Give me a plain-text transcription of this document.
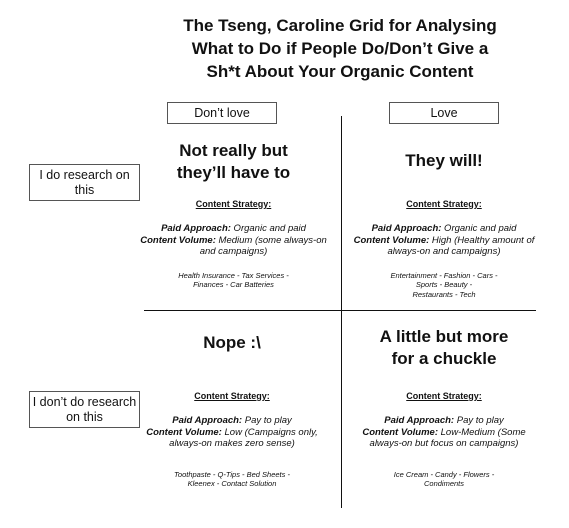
The Tseng, Caroline Grid for Analysing
What to Do if People Do/Don’t Give a
Sh*t About Your Organic Content
Don’t love	Love
I do research on this
I don’t do research on this
Not really but
they’ll have to
Content Strategy:
Paid Approach: Organic and paid
Content Volume: Medium (some always-on and campaigns)
Health Insurance - Tax Services -
Finances - Car Batteries
They will!
Content Strategy:
Paid Approach: Organic and paid
Content Volume: High (Healthy amount of always-on and campaigns)
Entertainment - Fashion - Cars -
Sports - Beauty -
Restaurants - Tech
Nope :\
Content Strategy:
Paid Approach: Pay to play
Content Volume: Low (Campaigns only, always-on makes zero sense)
Toothpaste - Q-Tips - Bed Sheets -
Kleenex - Contact Solution
A little but more
for a chuckle
Content Strategy:
Paid Approach: Pay to play
Content Volume: Low-Medium (Some always-on but focus on campaigns)
Ice Cream - Candy - Flowers -
Condiments
